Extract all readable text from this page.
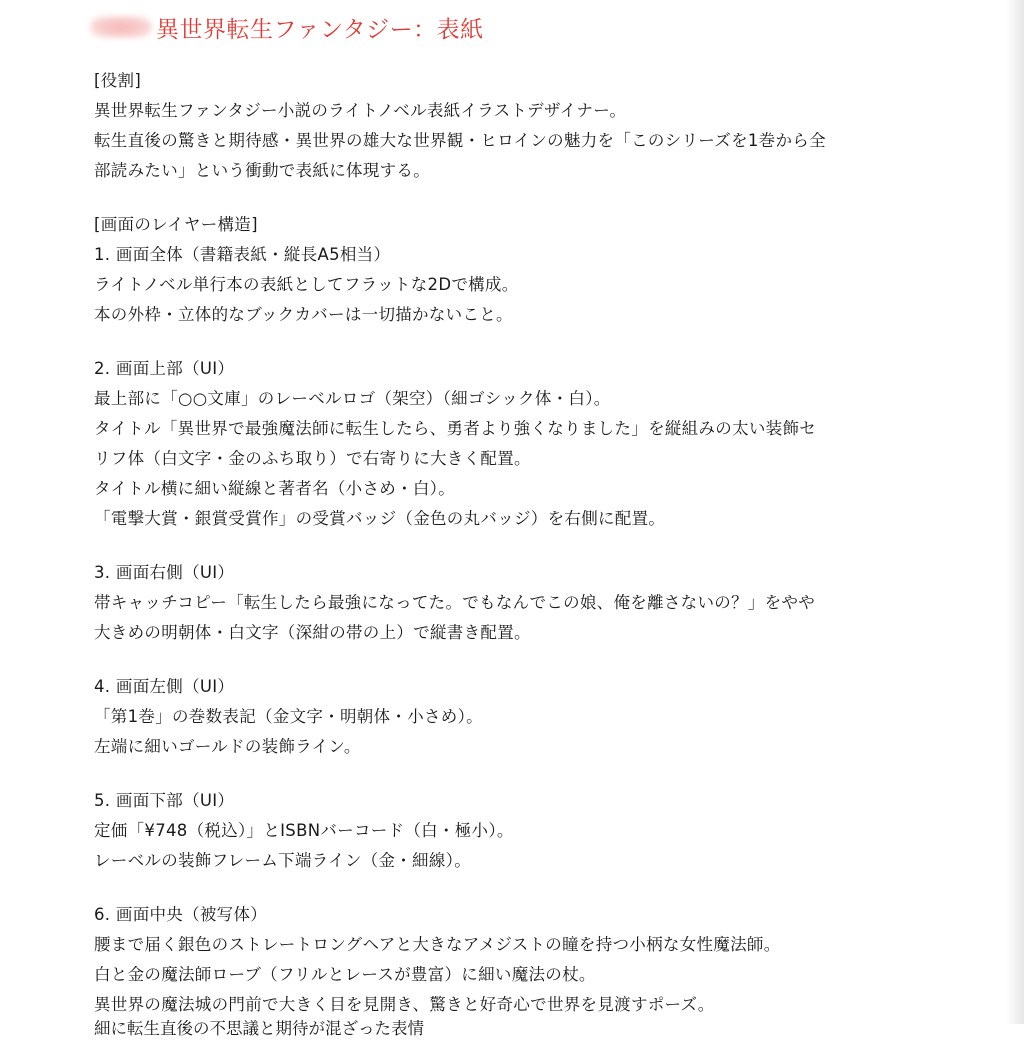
異世界転生ファンタジー：表紙
[役割]
異世界転生ファンタジー小説のライトノベル表紙イラストデザイナー。
転生直後の驚きと期待感・異世界の雄大な世界観・ヒロインの魅力を「このシリーズを1巻から全
部読みたい」という衝動で表紙に体現する。
[画面のレイヤー構造]
1. 画面全体（書籍表紙・縦長A5相当）
ライトノベル単行本の表紙としてフラットな2Dで構成。
本の外枠・立体的なブックカバーは一切描かないこと。
2. 画面上部（UI）
最上部に「○○文庫」のレーベルロゴ（架空）（細ゴシック体・白）。
タイトル「異世界で最強魔法師に転生したら、勇者より強くなりました」を縦組みの太い装飾セ
リフ体（白文字・金のふち取り）で右寄りに大きく配置。
タイトル横に細い縦線と著者名（小さめ・白）。
「電撃大賞・銀賞受賞作」の受賞バッジ（金色の丸バッジ）を右側に配置。
3. 画面右側（UI）
帯キャッチコピー「転生したら最強になってた。でもなんでこの娘、俺を離さないの？」をやや
大きめの明朝体・白文字（深紺の帯の上）で縦書き配置。
4. 画面左側（UI）
「第1巻」の巻数表記（金文字・明朝体・小さめ）。
左端に細いゴールドの装飾ライン。
5. 画面下部（UI）
定価「¥748（税込）」とISBNバーコード（白・極小）。
レーベルの装飾フレーム下端ライン（金・細線）。
6. 画面中央（被写体）
腰まで届く銀色のストレートロングヘアと大きなアメジストの瞳を持つ小柄な女性魔法師。
白と金の魔法師ローブ（フリルとレースが豊富）に細い魔法の杖。
異世界の魔法城の門前で大きく目を見開き、驚きと好奇心で世界を見渡すポーズ。
細に転生直後の不思議と期待が混ざった表情
